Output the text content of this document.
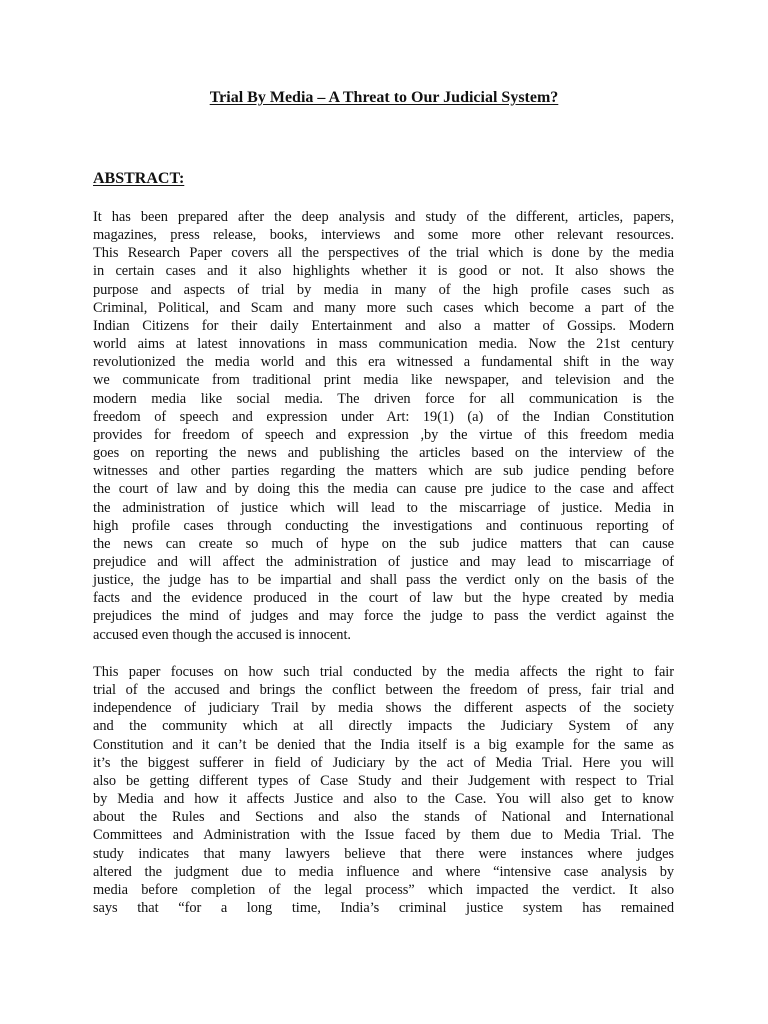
Trial By Media – A Threat to Our Judicial System?
ABSTRACT:
It has been prepared after the deep analysis and study of the different, articles, papers,
magazines, press release, books, interviews and some more other relevant resources.
This Research Paper covers all the perspectives of the trial which is done by the media
in certain cases and it also highlights whether it is good or not. It also shows the
purpose and aspects of trial by media in many of the high profile cases such as
Criminal, Political, and Scam and many more such cases which become a part of the
Indian Citizens for their daily Entertainment and also a matter of Gossips. Modern
world aims at latest innovations in mass communication media. Now the 21st century
revolutionized the media world and this era witnessed a fundamental shift in the way
we communicate from traditional print media like newspaper, and television and the
modern media like social media. The driven force for all communication is the
freedom of speech and expression under Art: 19(1) (a) of the Indian Constitution
provides for freedom of speech and expression ,by the virtue of this freedom media
goes on reporting the news and publishing the articles based on the interview of the
witnesses and other parties regarding the matters which are sub judice pending before
the court of law and by doing this the media can cause pre judice to the case and affect
the administration of justice which will lead to the miscarriage of justice. Media in
high profile cases through conducting the investigations and continuous reporting of
the news can create so much of hype on the sub judice matters that can cause
prejudice and will affect the administration of justice and may lead to miscarriage of
justice, the judge has to be impartial and shall pass the verdict only on the basis of the
facts and the evidence produced in the court of law but the hype created by media
prejudices the mind of judges and may force the judge to pass the verdict against the
accused even though the accused is innocent.
This paper focuses on how such trial conducted by the media affects the right to fair
trial of the accused and brings the conflict between the freedom of press, fair trial and
independence of judiciary Trail by media shows the different aspects of the society
and the community which at all directly impacts the Judiciary System of any
Constitution and it can’t be denied that the India itself is a big example for the same as
it’s the biggest sufferer in field of Judiciary by the act of Media Trial. Here you will
also be getting different types of Case Study and their Judgement with respect to Trial
by Media and how it affects Justice and also to the Case. You will also get to know
about the Rules and Sections and also the stands of National and International
Committees and Administration with the Issue faced by them due to Media Trial. The
study indicates that many lawyers believe that there were instances where judges
altered the judgment due to media influence and where “intensive case analysis by
media before completion of the legal process” which impacted the verdict. It also
says that “for a long time, India’s criminal justice system has remained
